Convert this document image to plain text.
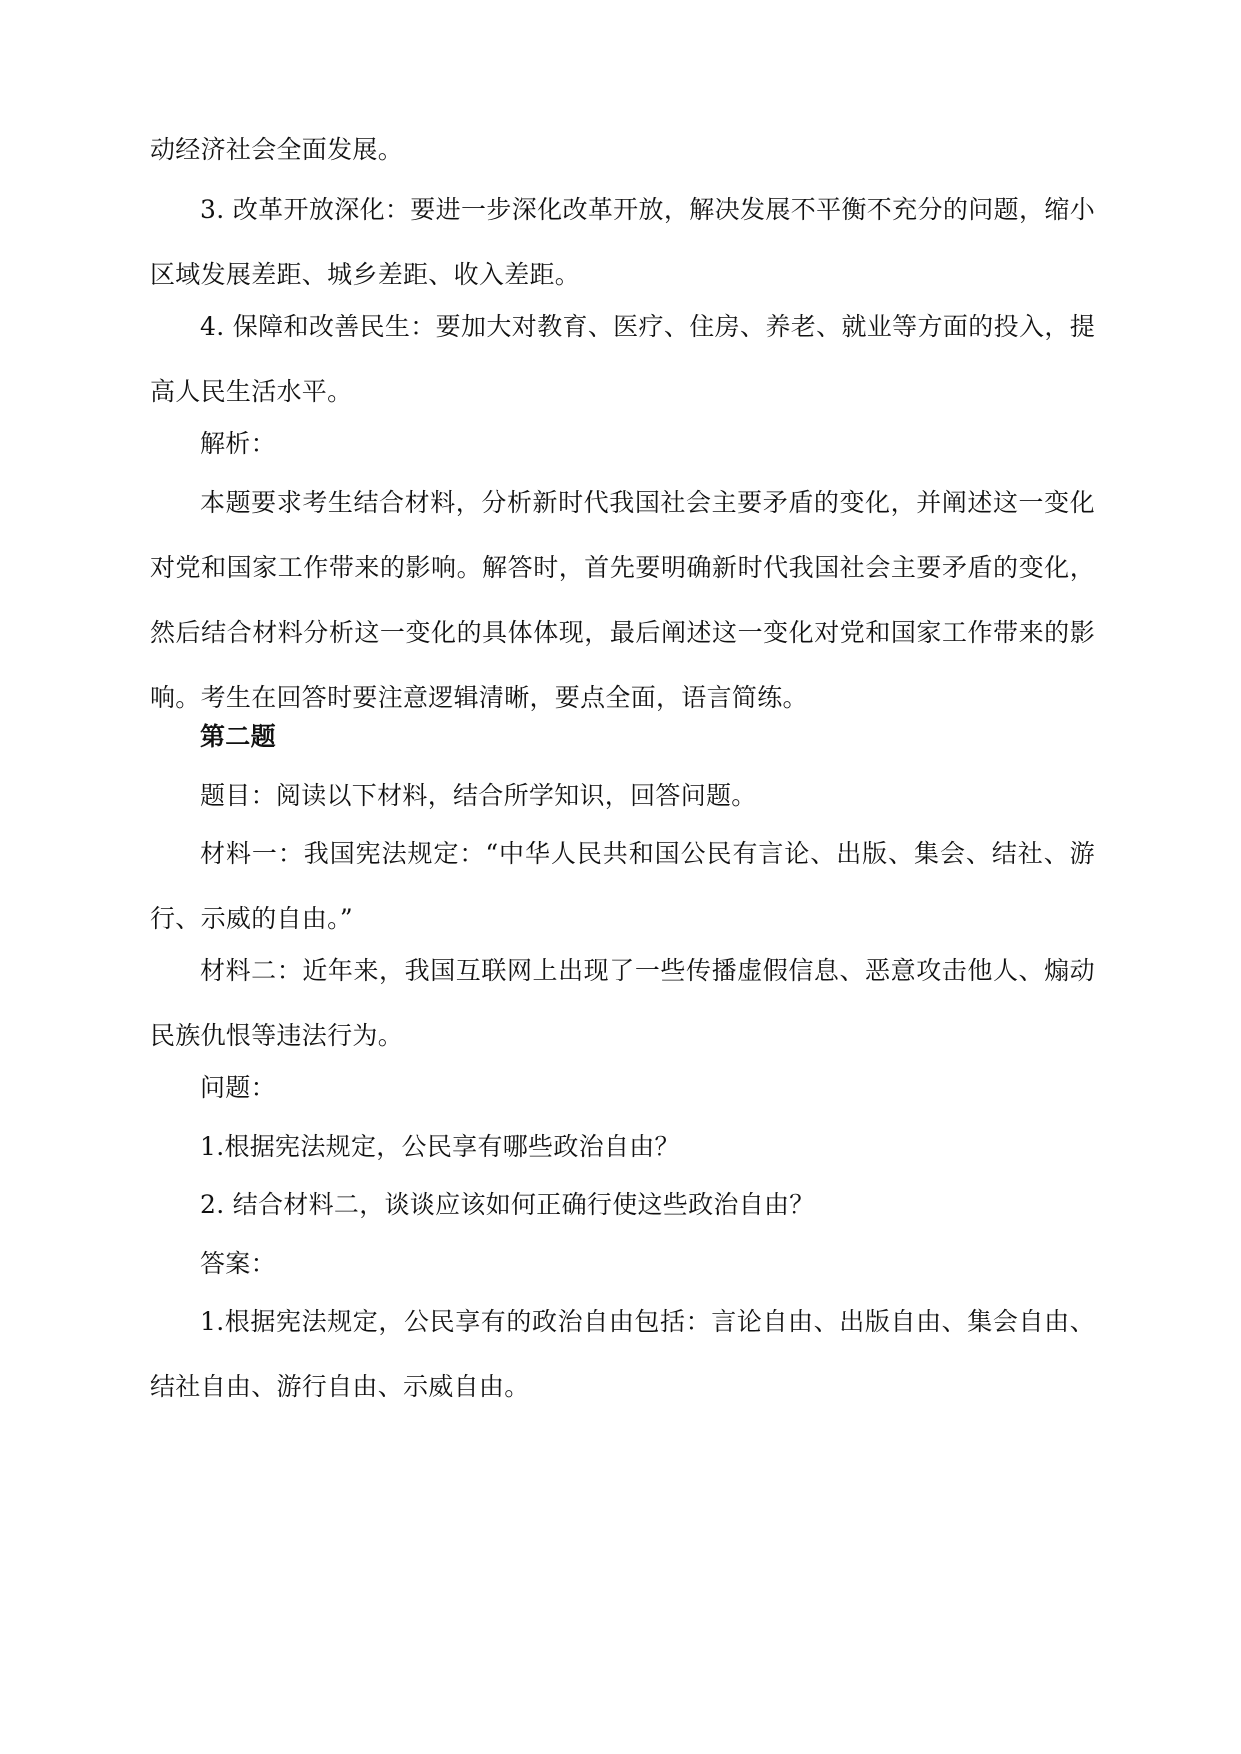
动经济社会全面发展。

3. 改革开放深化：要进一步深化改革开放，解决发展不平衡不充分的问题，缩小区域发展差距、城乡差距、收入差距。

4. 保障和改善民生：要加大对教育、医疗、住房、养老、就业等方面的投入，提高人民生活水平。

解析：

本题要求考生结合材料，分析新时代我国社会主要矛盾的变化，并阐述这一变化对党和国家工作带来的影响。解答时，首先要明确新时代我国社会主要矛盾的变化，然后结合材料分析这一变化的具体体现，最后阐述这一变化对党和国家工作带来的影响。考生在回答时要注意逻辑清晰，要点全面，语言简练。

第二题

题目：阅读以下材料，结合所学知识，回答问题。

材料一：我国宪法规定：“中华人民共和国公民有言论、出版、集会、结社、游行、示威的自由。”

材料二：近年来，我国互联网上出现了一些传播虚假信息、恶意攻击他人、煽动民族仇恨等违法行为。

问题：

1.根据宪法规定，公民享有哪些政治自由？

2. 结合材料二，谈谈应该如何正确行使这些政治自由？

答案：

1.根据宪法规定，公民享有的政治自由包括：言论自由、出版自由、集会自由、结社自由、游行自由、示威自由。
